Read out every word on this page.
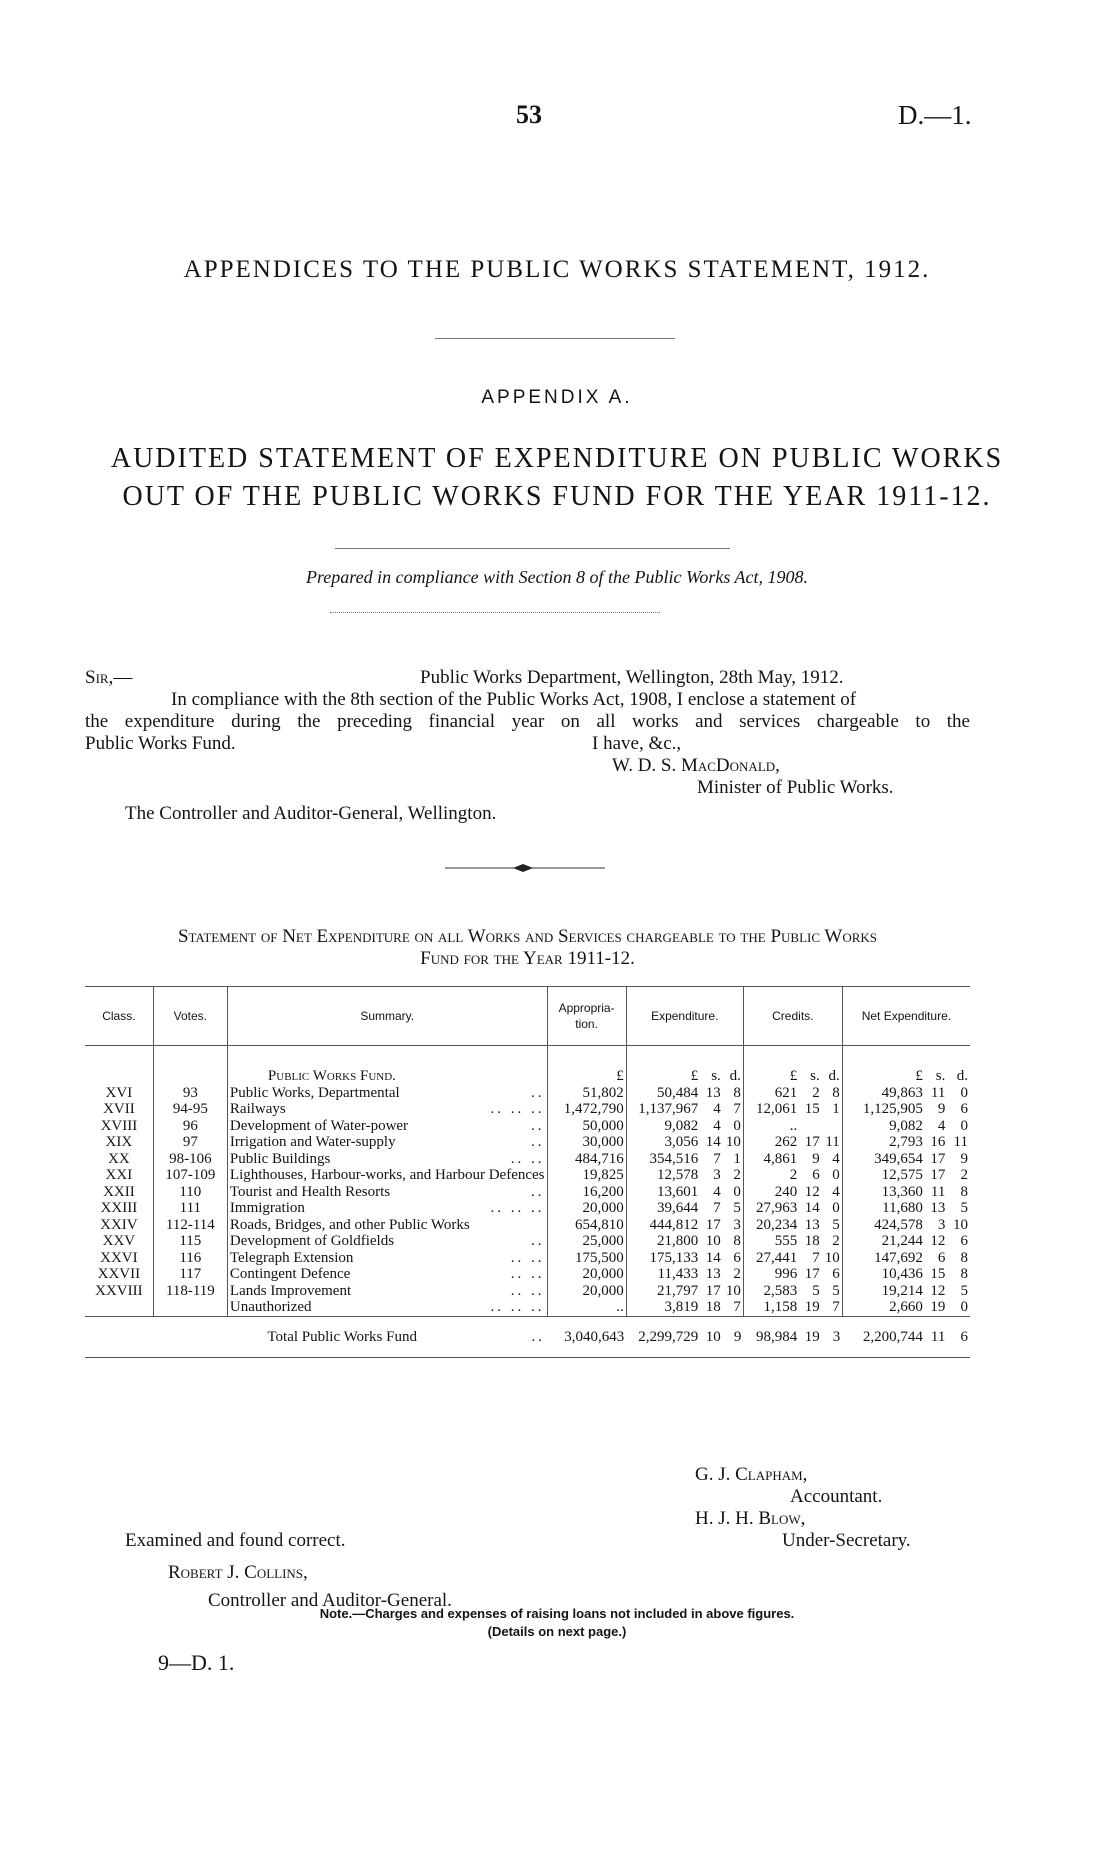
53	D.—1.
APPENDICES TO THE PUBLIC WORKS STATEMENT, 1912.
APPENDIX A.
AUDITED STATEMENT OF EXPENDITURE ON PUBLIC WORKS
OUT OF THE PUBLIC WORKS FUND FOR THE YEAR 1911-12.
Prepared in compliance with Section 8 of the Public Works Act, 1908.
Sir,—	Public Works Department, Wellington, 28th May, 1912.
In compliance with the 8th section of the Public Works Act, 1908, I enclose a statement of
the expenditure during the preceding financial year on all works and services chargeable to the
Public Works Fund.	I have, &c.,
W. D. S. MacDonald,
Minister of Public Works.
The Controller and Auditor-General, Wellington.
Statement of Net Expenditure on all Works and Services chargeable to the Public Works
Fund for the Year 1911-12.
Class.	Votes.	Summary.	Appropria-tion.	Expenditure.			Credits.			Net Expenditure.		

		Public Works Fund.	£	£	s.	d.	£	s.	d.	£	s.	d.
XVI	93	Public Works, Departmental ..	51,802	50,484	13	8	621	2	8	49,863	11	0
XVII	94-95	Railways .. .. ..	1,472,790	1,137,967	4	7	12,061	15	1	1,125,905	9	6
XVIII	96	Development of Water-power ..	50,000	9,082	4	0	..			9,082	4	0
XIX	97	Irrigation and Water-supply ..	30,000	3,056	14	10	262	17	11	2,793	16	11
XX	98-106	Public Buildings .. ..	484,716	354,516	7	1	4,861	9	4	349,654	17	9
XXI	107-109	Lighthouses, Harbour-works, and Harbour Defences	19,825	12,578	3	2	2	6	0	12,575	17	2
XXII	110	Tourist and Health Resorts ..	16,200	13,601	4	0	240	12	4	13,360	11	8
XXIII	111	Immigration .. .. ..	20,000	39,644	7	5	27,963	14	0	11,680	13	5
XXIV	112-114	Roads, Bridges, and other Public Works	654,810	444,812	17	3	20,234	13	5	424,578	3	10
XXV	115	Development of Goldfields ..	25,000	21,800	10	8	555	18	2	21,244	12	6
XXVI	116	Telegraph Extension .. ..	175,500	175,133	14	6	27,441	7	10	147,692	6	8
XXVII	117	Contingent Defence .. ..	20,000	11,433	13	2	996	17	6	10,436	15	8
XXVIII	118-119	Lands Improvement .. ..	20,000	21,797	17	10	2,583	5	5	19,214	12	5
		Unauthorized .. .. ..	..	3,819	18	7	1,158	19	7	2,660	19	0
		Total Public Works Fund ..	3,040,643	2,299,729	10	9	98,984	19	3	2,200,744	11	6
G. J. Clapham,
Accountant.
H. J. H. Blow,
Under-Secretary.
Examined and found correct.
Robert J. Collins,
Controller and Auditor-General.
Note.—Charges and expenses of raising loans not included in above figures.
(Details on next page.)
9—D. 1.
